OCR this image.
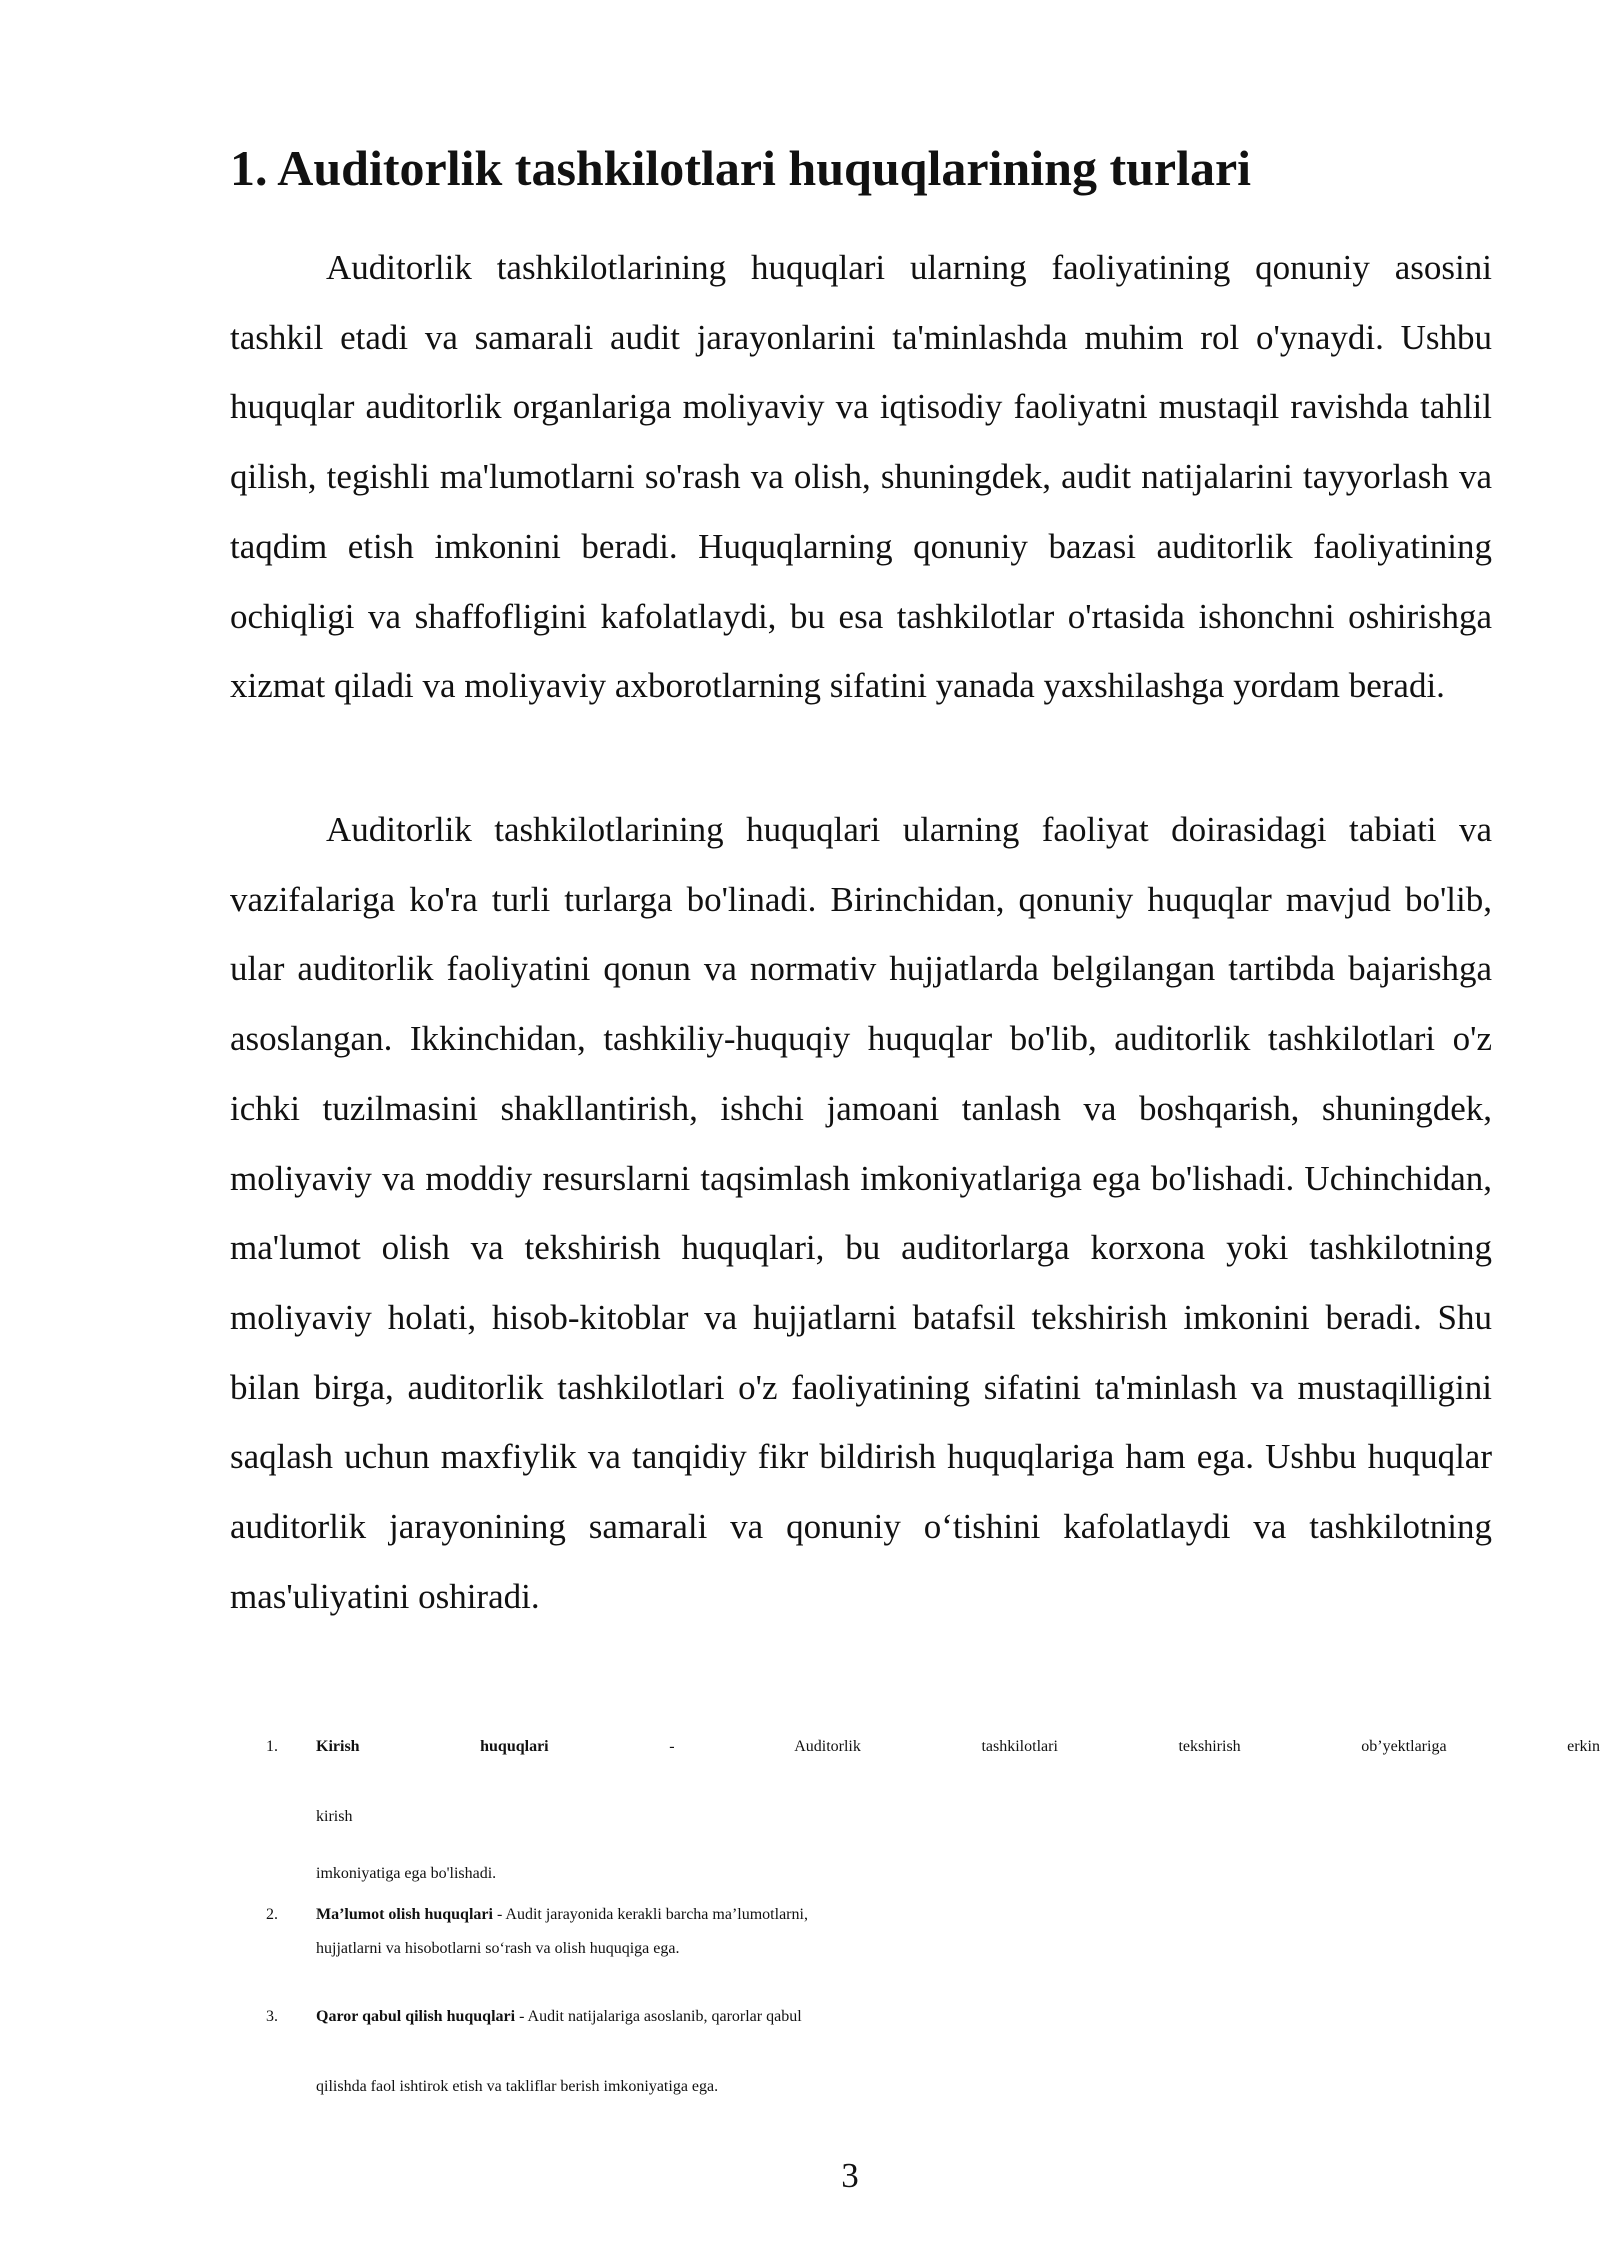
1. Auditorlik tashkilotlari huquqlarining turlari

Auditorlik tashkilotlarining huquqlari ularning faoliyatining qonuniy asosini tashkil etadi va samarali audit jarayonlarini ta'minlashda muhim rol o'ynaydi. Ushbu huquqlar auditorlik organlariga moliyaviy va iqtisodiy faoliyatni mustaqil ravishda tahlil qilish, tegishli ma'lumotlarni so'rash va olish, shuningdek, audit natijalarini tayyorlash va taqdim etish imkonini beradi. Huquqlarning qonuniy bazasi auditorlik faoliyatining ochiqligi va shaffofligini kafolatlaydi, bu esa tashkilotlar o'rtasida ishonchni oshirishga xizmat qiladi va moliyaviy axborotlarning sifatini yanada yaxshilashga yordam beradi.

Auditorlik tashkilotlarining huquqlari ularning faoliyat doirasidagi tabiati va vazifalariga ko'ra turli turlarga bo'linadi. Birinchidan, qonuniy huquqlar mavjud bo'lib, ular auditorlik faoliyatini qonun va normativ hujjatlarda belgilangan tartibda bajarishga asoslangan. Ikkinchidan, tashkiliy-huquqiy huquqlar bo'lib, auditorlik tashkilotlari o'z ichki tuzilmasini shakllantirish, ishchi jamoani tanlash va boshqarish, shuningdek, moliyaviy va moddiy resurslarni taqsimlash imkoniyatlariga ega bo'lishadi. Uchinchidan, ma'lumot olish va tekshirish huquqlari, bu auditorlarga korxona yoki tashkilotning moliyaviy holati, hisob-kitoblar va hujjatlarni batafsil tekshirish imkonini beradi. Shu bilan birga, auditorlik tashkilotlari o'z faoliyatining sifatini ta'minlash va mustaqilligini saqlash uchun maxfiylik va tanqidiy fikr bildirish huquqlariga ham ega. Ushbu huquqlar auditorlik jarayonining samarali va qonuniy o‘tishini kafolatlaydi va tashkilotning mas'uliyatini oshiradi.

1. Kirish huquqlari - Auditorlik tashkilotlari tekshirish ob’yektlariga erkin
kirish
imkoniyatiga ega bo'lishadi.
2. Ma’lumot olish huquqlari - Audit jarayonida kerakli barcha ma’lumotlarni,
hujjatlarni va hisobotlarni so‘rash va olish huquqiga ega.
3. Qaror qabul qilish huquqlari - Audit natijalariga asoslanib, qarorlar qabul
qilishda faol ishtirok etish va takliflar berish imkoniyatiga ega.
3
